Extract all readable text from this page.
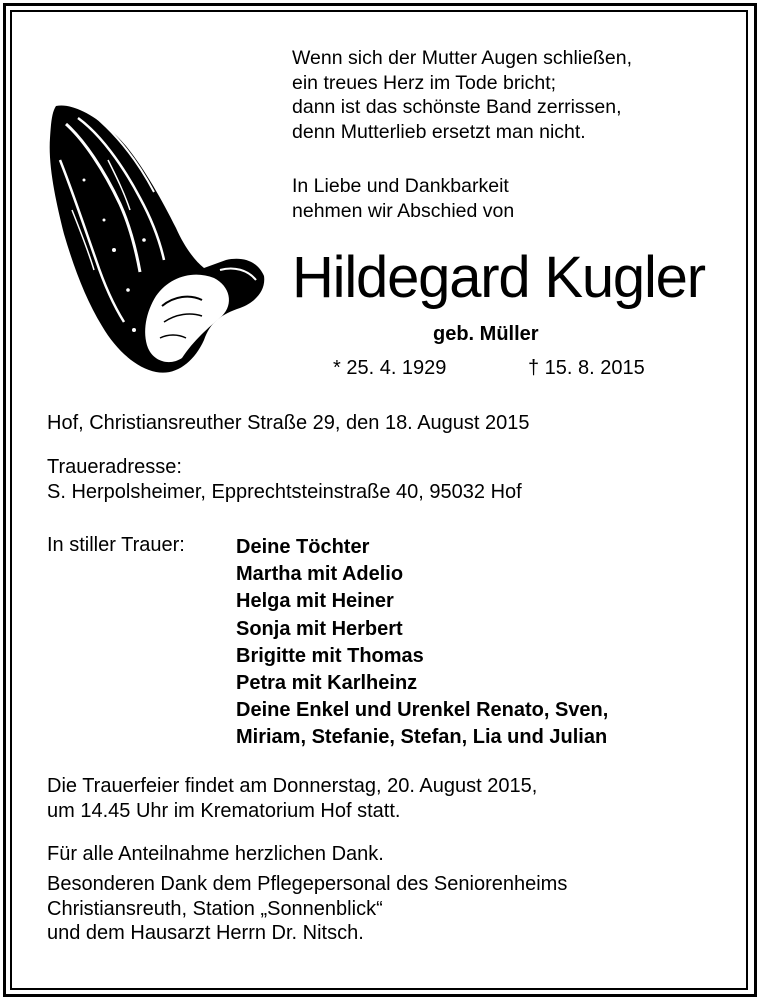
Wenn sich der Mutter Augen schließen,
ein treues Herz im Tode bricht;
dann ist das schönste Band zerrissen,
denn Mutterlieb ersetzt man nicht.
In Liebe und Dankbarkeit
nehmen wir Abschied von
Hildegard Kugler
geb. Müller
* 25. 4. 1929	† 15. 8. 2015
Hof, Christiansreuther Straße 29, den 18. August 2015
Traueradresse:
S. Herpolsheimer, Epprechtsteinstraße 40, 95032 Hof
In stiller Trauer:	Deine Töchter
Martha mit Adelio
Helga mit Heiner
Sonja mit Herbert
Brigitte mit Thomas
Petra mit Karlheinz
Deine Enkel und Urenkel Renato, Sven,
Miriam, Stefanie, Stefan, Lia und Julian
Die Trauerfeier findet am Donnerstag, 20. August 2015,
um 14.45 Uhr im Krematorium Hof statt.
Für alle Anteilnahme herzlichen Dank.
Besonderen Dank dem Pflegepersonal des Seniorenheims
Christiansreuth, Station „Sonnenblick“
und dem Hausarzt Herrn Dr. Nitsch.
